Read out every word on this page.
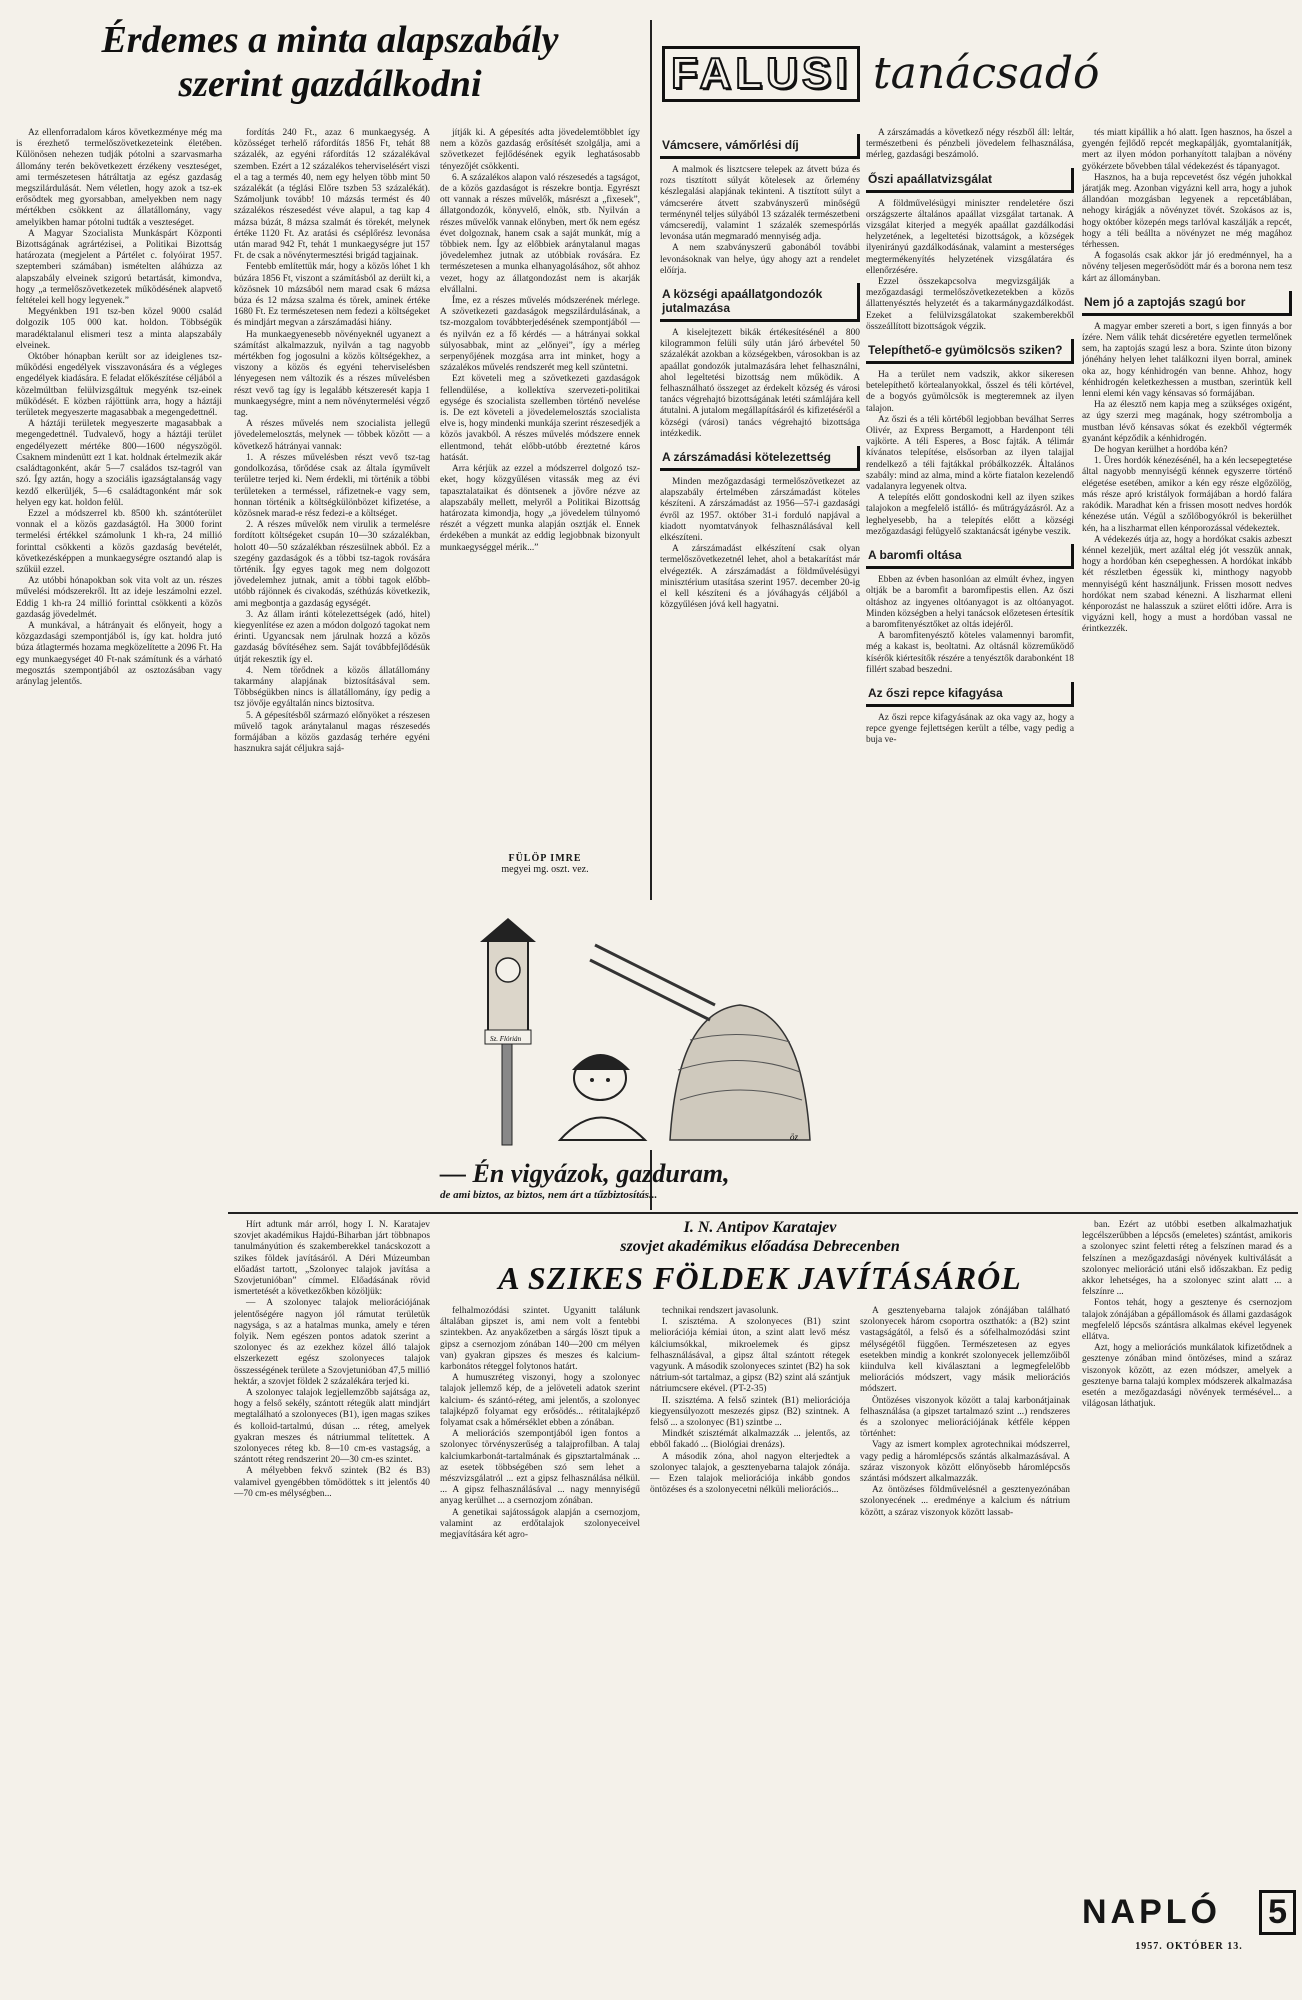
Érdemes a minta alapszabály
szerint gazdálkodni

Az ellenforradalom káros következménye még ma is érezhető termelőszövetkezeteink életében. Különösen nehezen tudják pótolni a szarvasmarha állomány terén bekövetkezett érzékeny veszteséget, ami természetesen hátráltatja az egész gazdaság megszilárdulását. Nem véletlen, hogy azok a tsz-ek erősödtek meg gyorsabban, amelyekben nem nagy mértékben csökkent az állatállomány, vagy amelyikben hamar pótolni tudták a veszteséget.

A Magyar Szocialista Munkáspárt Központi Bizottságának agrártézisei, a Politikai Bizottság határozata (megjelent a Pártélet c. folyóirat 1957. szeptemberi számában) ismételten aláhúzza az alapszabály elveinek szigorú betartását, kimondva, hogy „a termelőszövetkezetek működésének alapvető feltételei kell hogy legyenek.”

Megyénkben 191 tsz-ben közel 9000 család dolgozik 105 000 kat. holdon. Többségük maradéktalanul elismeri tesz a minta alapszabály elveinek.

Október hónapban került sor az ideiglenes tsz-működési engedélyek visszavonására és a végleges engedélyek kiadására. E feladat előkészítése céljából a közelmúltban felülvizsgáltuk megyénk tsz-einek működését. E közben rájöttünk arra, hogy a háztáji területek megyeszerte magasabbak a megengedettnél.

A háztáji területek megyeszerte magasabbak a megengedettnél. Tudvalevő, hogy a háztáji terület engedélyezett mértéke 800—1600 négyszögöl. Csaknem mindenütt ezt 1 kat. holdnak értelmezik akár családtagonként, akár 5—7 családos tsz-tagról van szó. Így aztán, hogy a szociális igazságtalanság vagy kezdő elkerüljék, 5—6 családtagonként már sok helyen egy kat. holdon felül.

Ezzel a módszerrel kb. 8500 kh. szántóterület vonnak el a közös gazdaságtól. Ha 3000 forint termelési értékkel számolunk 1 kh-ra, 24 millió forinttal csökkenti a közös gazdaság bevételét, következésképpen a munkaegységre osztandó alap is szűkül ezzel.

Az utóbbi hónapokban sok vita volt az un. részes művelési módszerekről. Itt az ideje leszámolni ezzel. Eddig 1 kh-ra 24 millió forinttal csökkenti a közös gazdaság jövedelmét.

A munkával, a hátrányait és előnyeit, hogy a közgazdasági szempontjából is, így kat. holdra jutó búza átlagtermés hozama megközelítette a 2096 Ft. Ha egy munkaegységet 40 Ft-nak számítunk és a várható megosztás szempontjából az osztozásában vagy aránylag jelentős.

fordítás 240 Ft., azaz 6 munkaegység. A közösséget terhelő ráfordítás 1856 Ft, tehát 88 százalék, az egyéni ráfordítás 12 százalékával szemben. Ezért a 12 százalékos teherviselésért viszi el a tag a termés 40, nem egy helyen több mint 50 százalékát (a téglási Előre tszben 53 százalékát). Számoljunk tovább! 10 mázsás termést és 40 százalékos részesedést véve alapul, a tag kap 4 mázsa búzát, 8 mázsa szalmát és törekét, melynek értéke 1120 Ft. Az aratási és cséplőrész levonása után marad 942 Ft, tehát 1 munkaegységre jut 157 Ft. de csak a növénytermesztési brigád tagjainak.

Fentebb említettük már, hogy a közös lóhet 1 kh búzára 1856 Ft, viszont a számításból az derült ki, a közösnek 10 mázsából nem marad csak 6 mázsa búza és 12 mázsa szalma és törek, aminek értéke 1680 Ft. Ez természetesen nem fedezi a költségeket és mindjárt megvan a zárszámadási hiány.

Ha munkaegyenesebb növényeknél ugyanezt a számítást alkalmazzuk, nyilván a tag nagyobb mértékben fog jogosulni a közös költségekhez, a viszony a közös és egyéni teherviselésben lényegesen nem változik és a részes művelésben részt vevő tag így is legalább kétszeresét kapja 1 munkaegységre, mint a nem növénytermelési végző tag.

A részes művelés nem szocialista jellegű jövedelemelosztás, melynek — többek között — a következő hátrányai vannak:

1. A részes művelésben részt vevő tsz-tag gondolkozása, tőrődése csak az általa ígyművelt területre terjed ki. Nem érdekli, mi történik a többi területeken a terméssel, ráfizetnek-e vagy sem, honnan történik a költségkülönbözet kifizetése, a közösnek marad-e rész fedezi-e a költséget.

2. A részes művelők nem virulik a termelésre fordított költségeket csupán 10—30 százalékban, holott 40—50 százalékban részesülnek abból. Ez a szegény gazdaságok és a többi tsz-tagok rovására történik. Így egyes tagok meg nem dolgozott jövedelemhez jutnak, amit a többi tagok előbb-utóbb rájönnek és civakodás, széthúzás következik, ami megbontja a gazdaság egységét.

3. Az állam iránti kötelezettségek (adó, hitel) kiegyenlítése ez azen a módon dolgozó tagokat nem érinti. Ugyancsak nem járulnak hozzá a közös gazdaság bővítéséhez sem. Saját továbbfejlődésük útját rekesztik így el.

4. Nem törődnek a közös állatállomány takarmány alapjának biztosításával sem. Többségükben nincs is állatállomány, így pedig a tsz jövője egyáltalán nincs biztosítva.

5. A gépesítésből származó előnyöket a részesen művelő tagok aránytalanul magas részesedés formájában a közös gazdaság terhére egyéni hasznukra saját céljukra sajá-

jítják ki. A gépesítés adta jövedelemtöbblet így nem a közös gazdaság erősítését szolgálja, ami a szövetkezet fejlődésének egyik leghatásosabb tényezőjét csökkenti.

6. A százalékos alapon való részesedés a tagságot, de a közös gazdaságot is részekre bontja. Egyrészt ott vannak a részes művelők, másrészt a „fixesek”, állatgondozók, könyvelő, elnök, stb. Nyilván a részes művelők vannak előnyben, mert ők nem egész évet dolgoznak, hanem csak a saját munkát, míg a többiek nem. Így az előbbiek aránytalanul magas jövedelemhez jutnak az utóbbiak rovására. Ez természetesen a munka elhanyagolásához, sőt ahhoz vezet, hogy az állatgondozást nem is akarják elvállalni.

Íme, ez a részes művelés módszerének mérlege. A szövetkezeti gazdaságok megszilárdulásának, a tsz-mozgalom továbbterjedésének szempontjából — és nyilván ez a fő kérdés — a hátrányai sokkal súlyosabbak, mint az „előnyei”, így a mérleg serpenyőjének mozgása arra int minket, hogy a százalékos művelés rendszerét meg kell szüntetni.

Ezt követeli meg a szövetkezeti gazdaságok fellendülése, a kollektíva szervezeti-politikai egysége és szocialista szellemben történő nevelése is. De ezt követeli a jövedelemelosztás szocialista elve is, hogy mindenki munkája szerint részesedjék a közös javakból. A részes művelés módszere ennek ellentmond, tehát előbb-utóbb éreztetné káros hatását.

Arra kérjük az ezzel a módszerrel dolgozó tsz-eket, hogy közgyűlésen vitassák meg az évi tapasztalataikat és döntsenek a jövőre nézve az alapszabály mellett, melyről a Politikai Bizottság határozata kimondja, hogy „a jövedelem túlnyomó részét a végzett munka alapján osztják el. Ennek érdekében a munkát az eddig legjobbnak bizonyult munkaegységgel mérik...”

FÜLÖP IMRE
megyei mg. oszt. vez.
Sz. Flórián
öz
— Én vigyázok, gazduram,
de ami biztos, az biztos, nem árt a tűzbiztosítás...
FALUSI tanácsadó
Vámcsere, vámőrlési díj

A malmok és lisztcsere telepek az átvett búza és rozs tisztított súlyát kötelesek az őrlemény készlegalási alapjának tekinteni. A tisztított súlyt a vámcserére átvett szabványszerű minőségű terménynél teljes súlyából 13 százalék természetbeni vámcseredíj, valamint 1 százalék szemespórlás levonása után megmaradó mennyiség adja.

A nem szabványszerű gabonából további levonásoknak van helye, úgy ahogy azt a rendelet előírja.

A községi apaállatgondozók jutalmazása

A kiselejtezett bikák értékesítésénél a 800 kilogrammon felüli súly után járó árbevétel 50 százalékát azokban a községekben, városokban is az apaállat gondozók jutalmazására lehet felhasználni, ahol legeltetési bizottság nem működik. A felhasználható összeget az érdekelt község és városi tanács végrehajtó bizottságának letéti számlájára kell átutalni. A jutalom megállapításáról és kifizetéséről a községi (városi) tanács végrehajtó bizottsága intézkedik.

A zárszámadási kötelezettség

Minden mezőgazdasági termelőszövetkezet az alapszabály értelmében zárszámadást köteles készíteni. A zárszámadást az 1956—57-i gazdasági évről az 1957. október 31-i forduló napjával a kiadott nyomtatványok felhasználásával kell elkészíteni.

A zárszámadást elkészítení csak olyan termelőszövetkezetnél lehet, ahol a betakarítást már elvégezték. A zárszámadást a földművelésügyi minisztérium utasítása szerint 1957. december 20-ig el kell készíteni és a jóváhagyás céljából a közgyűlésen jóvá kell hagyatni.

A zárszámadás a következő négy részből áll: leltár, természetbeni és pénzbeli jövedelem felhasználása, mérleg, gazdasági beszámoló.

Őszi apaállatvizsgálat

A földművelésügyi miniszter rendeletére őszi országszerte általános apaállat vizsgálat tartanak. A vizsgálat kiterjed a megyék apaállat gazdálkodási helyzetének, a legeltetési bizottságok, a községek ilyenirányú gazdálkodásának, valamint a mesterséges megtermékenyítés helyzetének vizsgálatára és ellenőrzésére.

Ezzel összekapcsolva megvizsgálják a mezőgazdasági termelőszövetkezetekben a közös állattenyésztés helyzetét és a takarmánygazdálkodást. Ezeket a felülvizsgálatokat szakemberekből összeállított bizottságok végzik.

Telepíthető-e gyümölcsös sziken?

Ha a terület nem vadszik, akkor sikeresen betelepíthető körtealanyokkal, ősszel és téli körtével, de a bogyós gyümölcsök is megteremnek az ilyen talajon.

Az őszi és a téli körtéből legjobban beválhat Serres Olivér, az Express Bergamott, a Hardenpont téli vajkörte. A téli Esperes, a Bosc fajták. A télimár kívánatos telepítése, elsősorban az ilyen talajjal rendelkező a téli fajtákkal próbálkozzék. Általános szabály: mind az alma, mind a körte fiatalon kezelendő vadalanyra legyenek oltva.

A telepítés előtt gondoskodni kell az ilyen szikes talajokon a megfelelő istálló- és műtrágyázásról. Az a leghelyesebb, ha a telepítés előtt a községi mezőgazdasági felügyelő szaktanácsát igénybe veszik.

A baromfi oltása

Ebben az évben hasonlóan az elmúlt évhez, ingyen oltják be a baromfit a baromfipestis ellen. Az őszi oltáshoz az ingyenes oltóanyagot is az oltóanyagot. Minden községben a helyi tanácsok előzetesen értesítik a baromfitenyésztőket az oltás idejéről.

A baromfitenyésztő köteles valamennyi baromfit, még a kakast is, beoltatni. Az oltásnál közreműködő kísérők kiértesítők részére a tenyésztők darabonként 18 fillért szabad beszedni.

Az őszi repce kifagyása

Az őszi repce kifagyásának az oka vagy az, hogy a repce gyenge fejlettségen került a télbe, vagy pedig a buja ve-

tés miatt kipállik a hó alatt. Igen hasznos, ha őszel a gyengén fejlődő repcét megkapálják, gyomtalanítják, mert az ilyen módon porhanyított talajban a növény gyökérzete bővebben tálal védekezést és tápanyagot.

Hasznos, ha a buja repcevetést ősz végén juhokkal járatják meg. Azonban vigyázni kell arra, hogy a juhok állandóan mozgásban legyenek a repcetáblában, nehogy kirágják a növényzet tövét. Szokásos az is, hogy október közepén megs tarlóval kaszálják a repcét, hogy a téli beállta a növényzet ne még magához térhessen.

A fogasolás csak akkor jár jó eredménnyel, ha a növény teljesen megerősödött már és a borona nem tesz kárt az állományban.

Nem jó a zaptojás szagú bor

A magyar ember szereti a bort, s igen finnyás a bor ízére. Nem válik tehát dicséretére egyetlen termelőnek sem, ha zaptojás szagú lesz a bora. Szinte úton bizony jónéhány helyen lehet találkozni ilyen borral, aminek oka az, hogy kénhidrogén van benne. Ahhoz, hogy kénhidrogén keletkezhessen a mustban, szerintük kell lenni elemi kén vagy kénsavas só formájában.

Ha az élesztő nem kapja meg a szükséges oxigént, az úgy szerzi meg magának, hogy szétrombolja a mustban lévő kénsavas sókat és ezekből végtermék gyanánt képződik a kénhidrogén.

De hogyan kerülhet a hordóba kén?

1. Üres hordók kénezésénél, ha a kén lecsepegtetése által nagyobb mennyiségű kénnek egyszerre történő elégetése esetében, amikor a kén egy része elgőzölög, más része apró kristályok formájában a hordó falára rakódik. Maradhat kén a frissen mosott nedves hordók kénezése után. Végül a szőlőbogyókról is bekerülhet kén, ha a liszharmat ellen kénporozással védekeztek.

A védekezés útja az, hogy a hordókat csakis azbeszt kénnel kezeljük, mert azáltal elég jót vesszük annak, hogy a hordóban kén csepeghessen. A hordókat inkább két részletben égessük ki, minthogy nagyobb mennyiségű ként használjunk. Frissen mosott nedves hordókat nem szabad kénezni. A liszharmat elleni kénporozást ne halasszuk a szüret előtti időre. Arra is vigyázni kell, hogy a must a hordóban vassal ne érintkezzék.

I. N. Antipov Karatajev
szovjet akadémikus előadása Debrecenben
A SZIKES FÖLDEK JAVÍTÁSÁRÓL

Hírt adtunk már arról, hogy I. N. Karatajev szovjet akadémikus Hajdú-Biharban járt többnapos tanulmányútion és szakemberekkel tanácskozott a szikes földek javításáról. A Déri Múzeumban előadást tartott, „Szolonyec talajok javítása a Szovjetunióban” címmel. Előadásának rövid ismertetését a következőkben közöljük:

— A szolonyec talajok meliorációjának jelentőségére nagyon jól rámutat területük nagysága, s az a hatalmas munka, amely e téren folyik. Nem egészen pontos adatok szerint a szolonyec és az ezekhez közel álló talajok elszerkezett egész szolonyeces talajok összességének területe a Szovjetunióban 47,5 millió hektár, a szovjet földek 2 százalékára terjed ki.

A szolonyec talajok legjellemzőbb sajátsága az, hogy a felső sekély, szántott rétegük alatt mindjárt megtalálható a szolonyeces (B1), igen magas szikes és kolloid-tartalmú, dúsan ... réteg, amelyek gyakran meszes és nátriummal telítettek. A szolonyeces réteg kb. 8—10 cm-es vastagság, a szántott réteg rendszerint 20—30 cm-es szintet.

A mélyebben fekvő szintek (B2 és B3) valamivel gyengébben tömödöttek s itt jelentős 40—70 cm-es mélységben...

felhalmozódási szintet. Ugyanitt találunk általában gipszet is, ami nem volt a fentebbi szintekben. Az anyakőzetben a sárgás löszt tipuk a gipsz a csernozjom zónában 140—200 cm mélyen van) gyakran gipszes és meszes és kalcium-karbonátos réteggel folytonos határt.

A humuszréteg viszonyi, hogy a szolonyec talajok jellemző kép, de a jelöveteli adatok szerint kalcium- és szántó-réteg, ami jelentős, a szolonyec talajképző folyamat egy erősödés... rétitalajképző folyamat csak a hőmérséklet ebben a zónában.

A meliorációs szempontjából igen fontos a szolonyec törvényszerűség a talajprofilban. A talaj kalciumkarbonát-tartalmának és gipsztartalmának ... az esetek többségében szó sem lehet a mészvizsgálatról ... ezt a gipsz felhasználása nélkül. ... A gipsz felhasználásával ... nagy mennyiségű anyag kerülhet ... a csernozjom zónában.

A genetikai sajátosságok alapján a csernozjom, valamint az erdőtalajok szolonyeceivel megjavítására két agro-

technikai rendszert javasolunk.

I. szisztéma. A szolonyeces (B1) szint meliorációja kémiai úton, a szint alatt levő mész kálciumsókkal, mikroelemek és gipsz felhasználásával, a gipsz által szántott rétegek vagyunk. A második szolonyeces szintet (B2) ha sok nátrium-sót tartalmaz, a gipsz (B2) szint alá szántjuk nátriumcsere ekével. (PT-2-35)

II. szisztéma. A felső szintek (B1) meliorációja kiegyensúlyozott meszezés gipsz (B2) szintnek. A felső ... a szolonyec (B1) szintbe ...

Mindkét szisztémát alkalmazzák ... jelentős, az ebből fakadó ... (Biológiai drenázs).

A második zóna, ahol nagyon elterjedtek a szolonyec talajok, a gesztenyebarna talajok zónája. — Ezen talajok meliorációja inkább gondos öntözéses és a szolonyecetni nélküli meliorációs...

A gesztenyebarna talajok zónájában található szolonyecek három csoportra oszthatók: a (B2) szint vastagságától, a felső és a sófelhalmozódási szint mélységétől függően. Természetesen az egyes esetekben mindig a konkrét szolonyecek jellemzőiből kiindulva kell kiválasztani a legmegfelelőbb meliorációs módszert, vagy másik meliorációs módszert.

Öntözéses viszonyok között a talaj karbonátjainak felhasználása (a gipszet tartalmazó szint ...) rendszeres és a szolonyec meliorációjának kétféle képpen történhet:

Vagy az ismert komplex agrotechnikai módszerrel, vagy pedig a háromlépcsős szántás alkalmazásával. A száraz viszonyok között előnyösebb háromlépcsős szántási módszert alkalmazzák.

Az öntözéses földművelésnél a gesztenyezónában szolonyecének ... eredménye a kalcium és nátrium között, a száraz viszonyok között lassab-

ban. Ezért az utóbbi esetben alkalmazhatjuk legcélszerűbben a lépcsős (emeletes) szántást, amikoris a szolonyec szint feletti réteg a felszínen marad és a felszínen a mezőgazdasági növények kultiválását a szolonyec melioráció utáni első időszakban. Ez pedig akkor lehetséges, ha a szolonyec szint alatt ... a felszínre ...

Fontos tehát, hogy a gesztenye és csernozjom talajok zónájában a gépállomások és állami gazdaságok megfelelő lépcsős szántásra alkalmas ekével legyenek ellátva.

Azt, hogy a meliorációs munkálatok kifizetődnek a gesztenye zónában mind öntözéses, mind a száraz viszonyok között, az ezen módszer, amelyek a gesztenye barna talajú komplex módszerek alkalmazása esetén a mezőgazdasági növények termésével... a világosan láthatjuk.

NAPLÓ 5
1957. OKTÓBER 13.
